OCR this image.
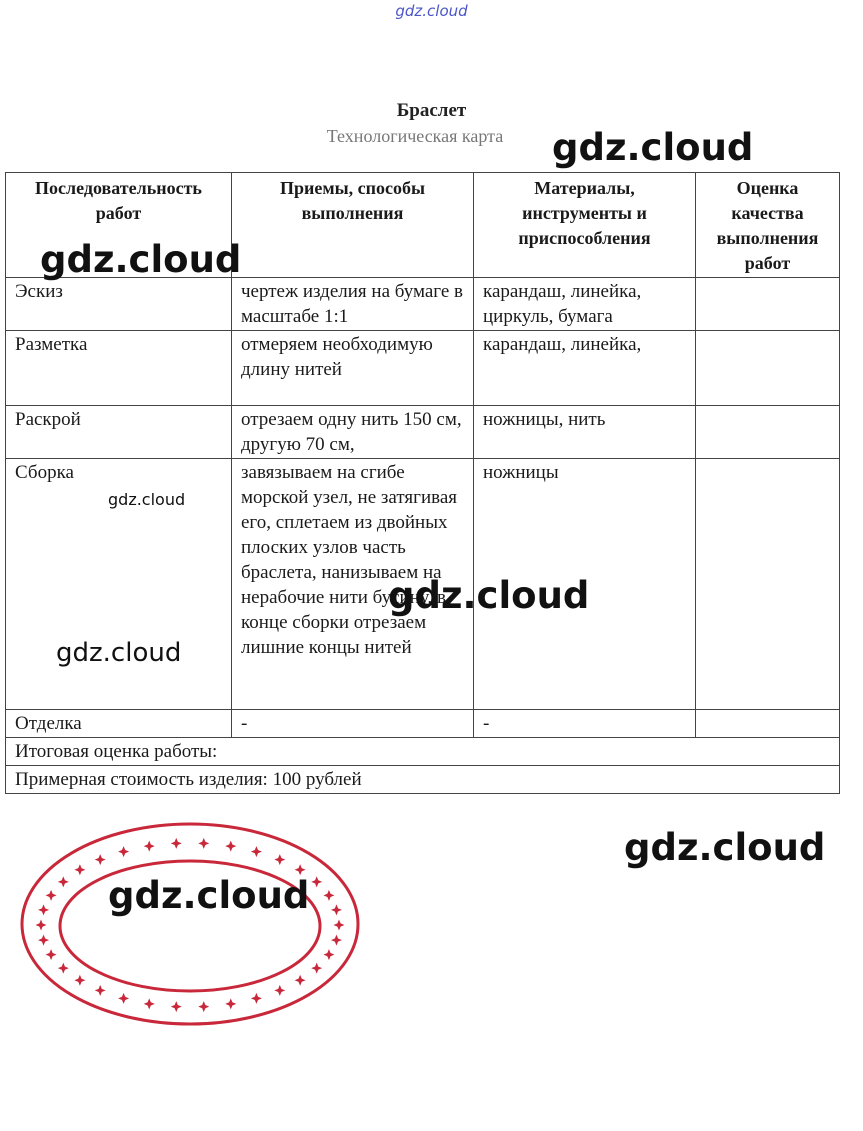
gdz.cloud
Браслет
Технологическая карта
Последовательность работ	Приемы, способы выполнения	Материалы, инструменты и приспособления	Оценка качества выполнения работ
Эскиз	чертеж изделия на бумаге в масштабе 1:1	карандаш, линейка, циркуль, бумага	
Разметка	отмеряем необходимую длину нитей	карандаш, линейка,	
Раскрой	отрезаем одну нить 150 см, другую 70 см,	ножницы, нить	
Сборка	завязываем на сгибе морской узел, не затягивая его, сплетаем из двойных плоских узлов часть браслета, нанизываем на нерабочие нити бусину, в конце сборки отрезаем лишние концы нитей	ножницы	
Отделка	-	-	
Итоговая оценка работы:			
Примерная стоимость изделия: 100 рублей			
gdz.cloud
gdz.cloud
gdz.cloud
gdz.cloud
gdz.cloud
gdz.cloud
gdz.cloud
